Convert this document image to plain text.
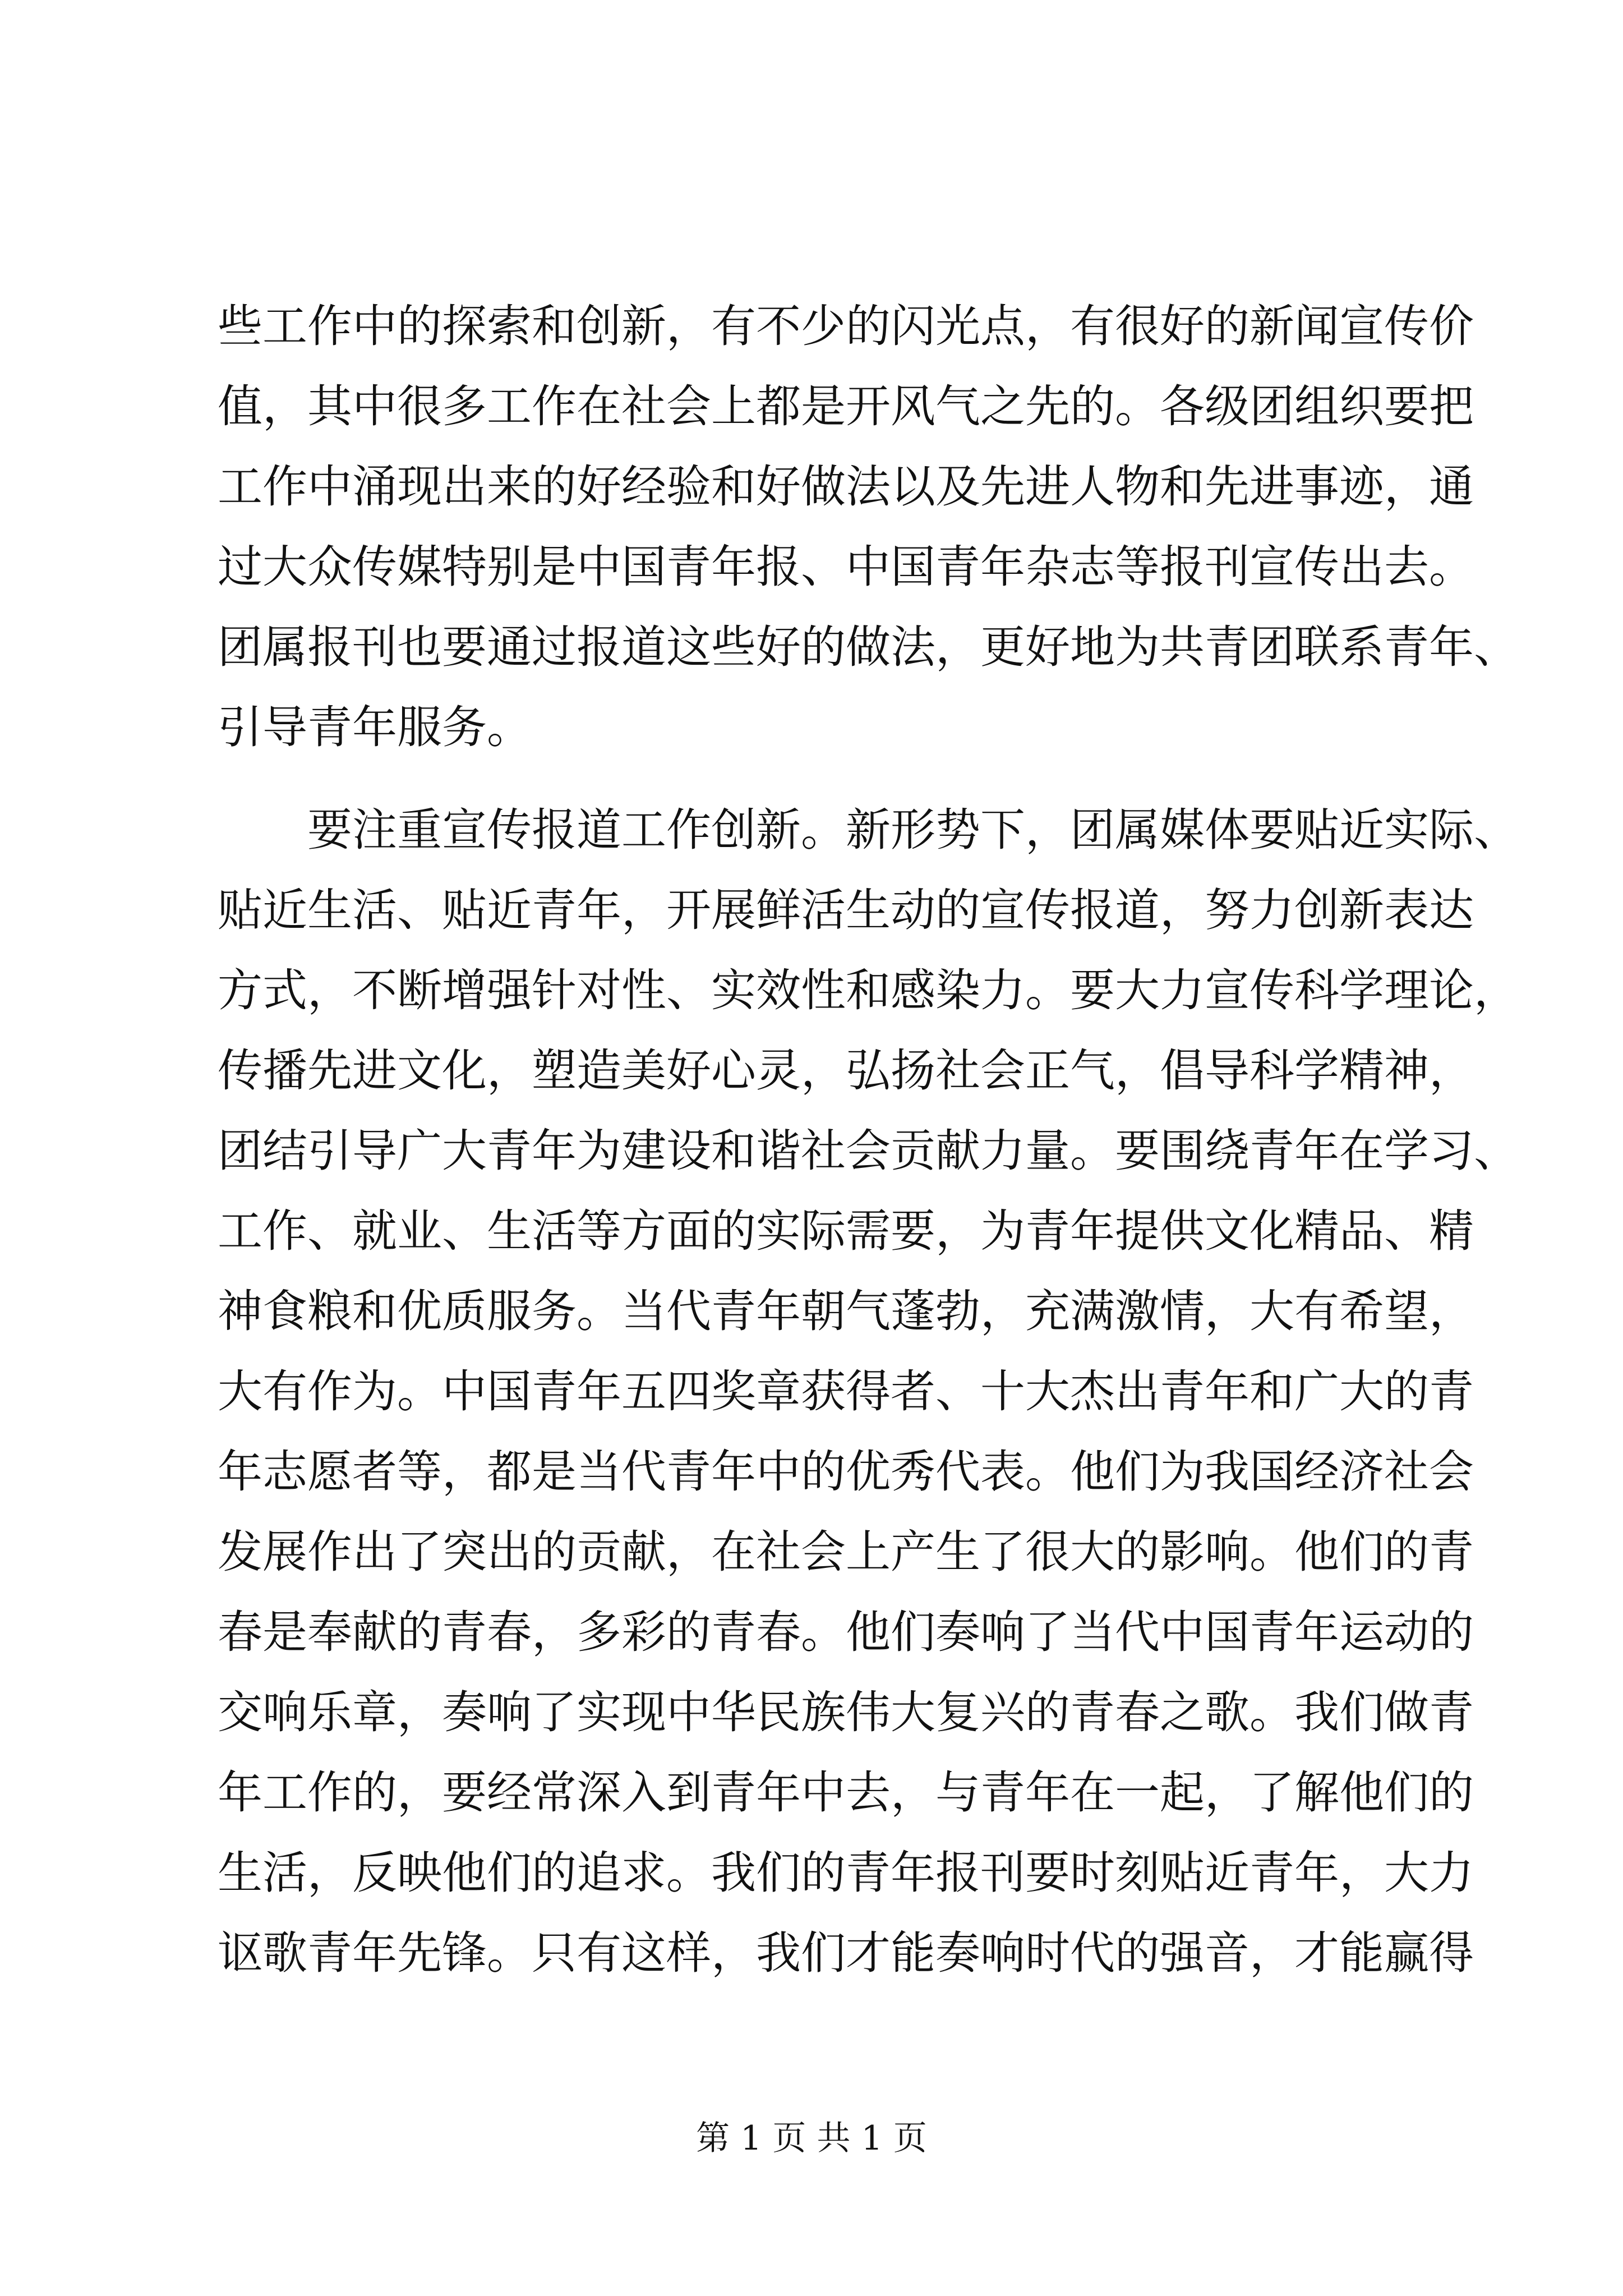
些工作中的探索和创新，有不少的闪光点，有很好的新闻宣传价
值，其中很多工作在社会上都是开风气之先的。各级团组织要把
工作中涌现出来的好经验和好做法以及先进人物和先进事迹，通
过大众传媒特别是中国青年报、中国青年杂志等报刊宣传出去。
团属报刊也要通过报道这些好的做法，更好地为共青团联系青年、
引导青年服务。
要注重宣传报道工作创新。新形势下，团属媒体要贴近实际、
贴近生活、贴近青年，开展鲜活生动的宣传报道，努力创新表达
方式，不断增强针对性、实效性和感染力。要大力宣传科学理论，
传播先进文化，塑造美好心灵，弘扬社会正气，倡导科学精神，
团结引导广大青年为建设和谐社会贡献力量。要围绕青年在学习、
工作、就业、生活等方面的实际需要，为青年提供文化精品、精
神食粮和优质服务。当代青年朝气蓬勃，充满激情，大有希望，
大有作为。中国青年五四奖章获得者、十大杰出青年和广大的青
年志愿者等，都是当代青年中的优秀代表。他们为我国经济社会
发展作出了突出的贡献，在社会上产生了很大的影响。他们的青
春是奉献的青春，多彩的青春。他们奏响了当代中国青年运动的
交响乐章，奏响了实现中华民族伟大复兴的青春之歌。我们做青
年工作的，要经常深入到青年中去，与青年在一起，了解他们的
生活，反映他们的追求。我们的青年报刊要时刻贴近青年，大力
讴歌青年先锋。只有这样，我们才能奏响时代的强音，才能赢得
第 1 页 共 1 页
